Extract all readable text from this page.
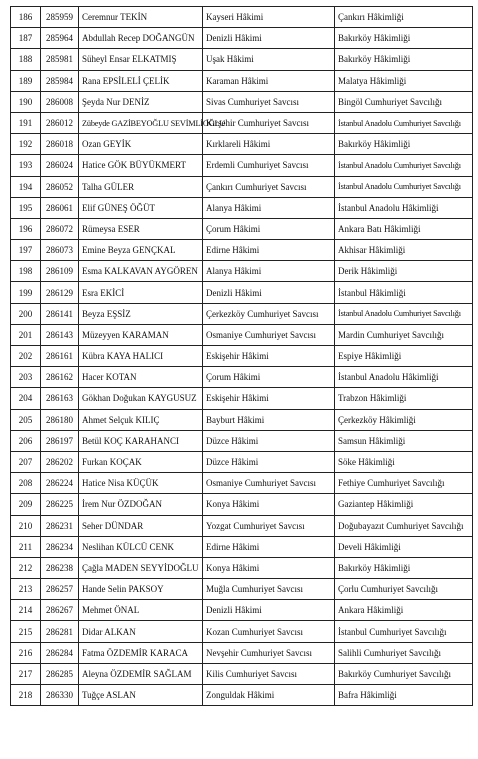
186	285959	Ceremnur TEKİN	Kayseri Hâkimi	Çankırı Hâkimliği
187	285964	Abdullah Recep DOĞANGÜN	Denizli Hâkimi	Bakırköy Hâkimliği
188	285981	Süheyl Ensar ELKATMIŞ	Uşak Hâkimi	Bakırköy Hâkimliği
189	285984	Rana EPSİLELİ ÇELİK	Karaman Hâkimi	Malatya Hâkimliği
190	286008	Şeyda Nur DENİZ	Sivas Cumhuriyet Savcısı	Bingöl Cumhuriyet Savcılığı
191	286012	Zübeyde GAZİBEYOĞLU SEVİMLİOĞLU	Kırşehir Cumhuriyet Savcısı	İstanbul Anadolu Cumhuriyet Savcılığı
192	286018	Ozan GEYİK	Kırklareli Hâkimi	Bakırköy Hâkimliği
193	286024	Hatice GÖK BÜYÜKMERT	Erdemli Cumhuriyet Savcısı	İstanbul Anadolu Cumhuriyet Savcılığı
194	286052	Talha GÜLER	Çankırı Cumhuriyet Savcısı	İstanbul Anadolu Cumhuriyet Savcılığı
195	286061	Elif GÜNEŞ ÖĞÜT	Alanya Hâkimi	İstanbul Anadolu Hâkimliği
196	286072	Rümeysa ESER	Çorum Hâkimi	Ankara Batı Hâkimliği
197	286073	Emine Beyza GENÇKAL	Edirne Hâkimi	Akhisar Hâkimliği
198	286109	Esma KALKAVAN AYGÖREN	Alanya Hâkimi	Derik Hâkimliği
199	286129	Esra EKİCİ	Denizli Hâkimi	İstanbul Hâkimliği
200	286141	Beyza EŞSİZ	Çerkezköy Cumhuriyet Savcısı	İstanbul Anadolu Cumhuriyet Savcılığı
201	286143	Müzeyyen KARAMAN	Osmaniye Cumhuriyet Savcısı	Mardin Cumhuriyet Savcılığı
202	286161	Kübra KAYA HALICI	Eskişehir Hâkimi	Espiye Hâkimliği
203	286162	Hacer KOTAN	Çorum Hâkimi	İstanbul Anadolu Hâkimliği
204	286163	Gökhan Doğukan KAYGUSUZ	Eskişehir Hâkimi	Trabzon Hâkimliği
205	286180	Ahmet Selçuk KILIÇ	Bayburt Hâkimi	Çerkezköy Hâkimliği
206	286197	Betül KOÇ KARAHANCI	Düzce Hâkimi	Samsun Hâkimliği
207	286202	Furkan KOÇAK	Düzce Hâkimi	Söke Hâkimliği
208	286224	Hatice Nisa KÜÇÜK	Osmaniye Cumhuriyet Savcısı	Fethiye Cumhuriyet Savcılığı
209	286225	İrem Nur ÖZDOĞAN	Konya Hâkimi	Gaziantep Hâkimliği
210	286231	Seher DÜNDAR	Yozgat Cumhuriyet Savcısı	Doğubayazıt Cumhuriyet Savcılığı
211	286234	Neslihan KÜLCÜ CENK	Edirne Hâkimi	Develi Hâkimliği
212	286238	Çağla MADEN SEYYİDOĞLU	Konya Hâkimi	Bakırköy Hâkimliği
213	286257	Hande Selin PAKSOY	Muğla Cumhuriyet Savcısı	Çorlu Cumhuriyet Savcılığı
214	286267	Mehmet ÖNAL	Denizli Hâkimi	Ankara Hâkimliği
215	286281	Didar ALKAN	Kozan Cumhuriyet Savcısı	İstanbul Cumhuriyet Savcılığı
216	286284	Fatma ÖZDEMİR KARACA	Nevşehir Cumhuriyet Savcısı	Salihli Cumhuriyet Savcılığı
217	286285	Aleyna ÖZDEMİR SAĞLAM	Kilis Cumhuriyet Savcısı	Bakırköy Cumhuriyet Savcılığı
218	286330	Tuğçe ASLAN	Zonguldak Hâkimi	Bafra Hâkimliği
